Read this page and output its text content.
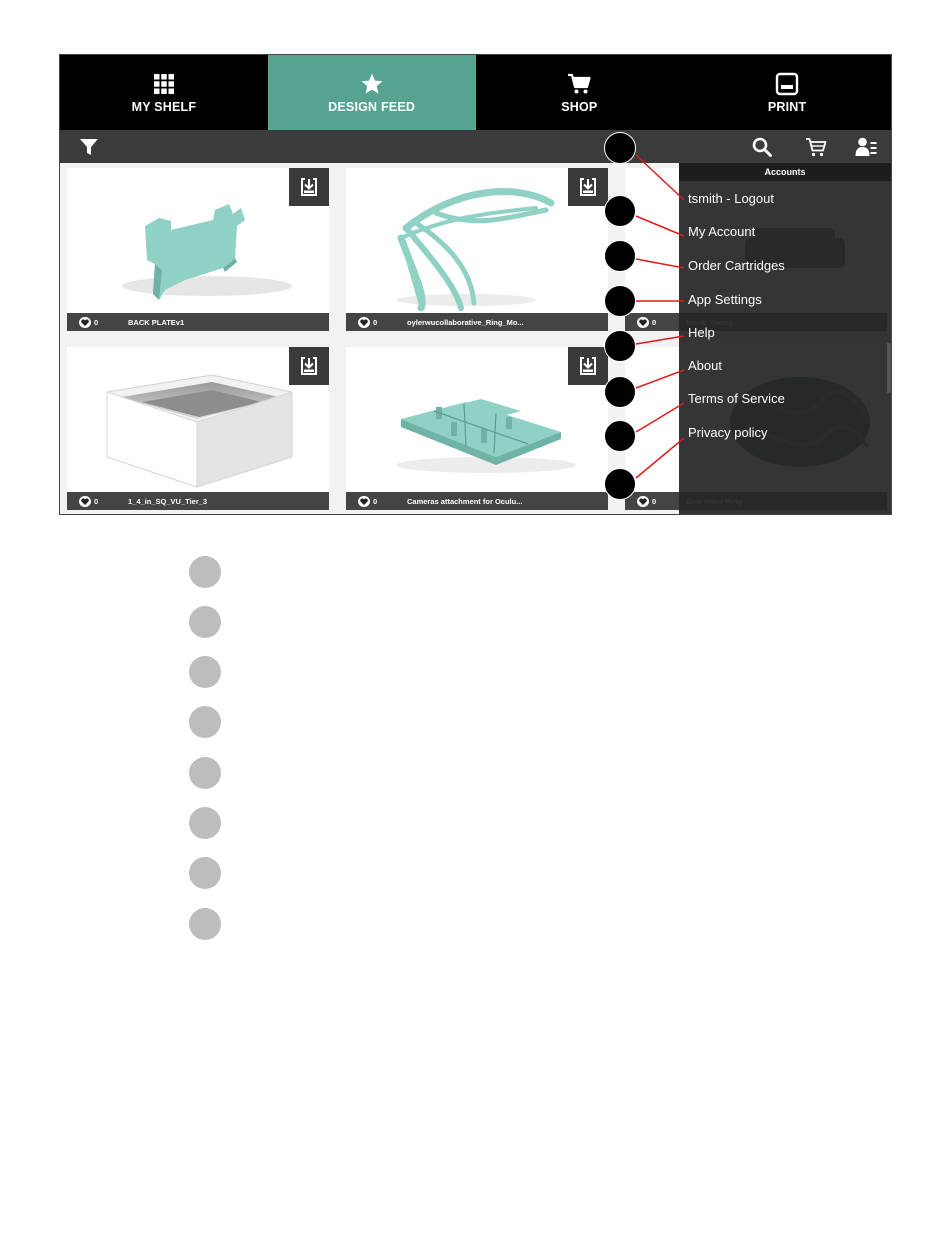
MY SHELF	DESIGN FEED	SHOP	PRINT
0	BACK PLATEv1	0	oylerwucollaborative_Ring_Mo...	0
0	1_4_in_SQ_VU_Tier_3	0	Cameras attachment for Oculu...	0
Accounts
tsmith - Logout
My Account
Order Cartridges
App Settings
Help
About
Terms of Service
Privacy policy
